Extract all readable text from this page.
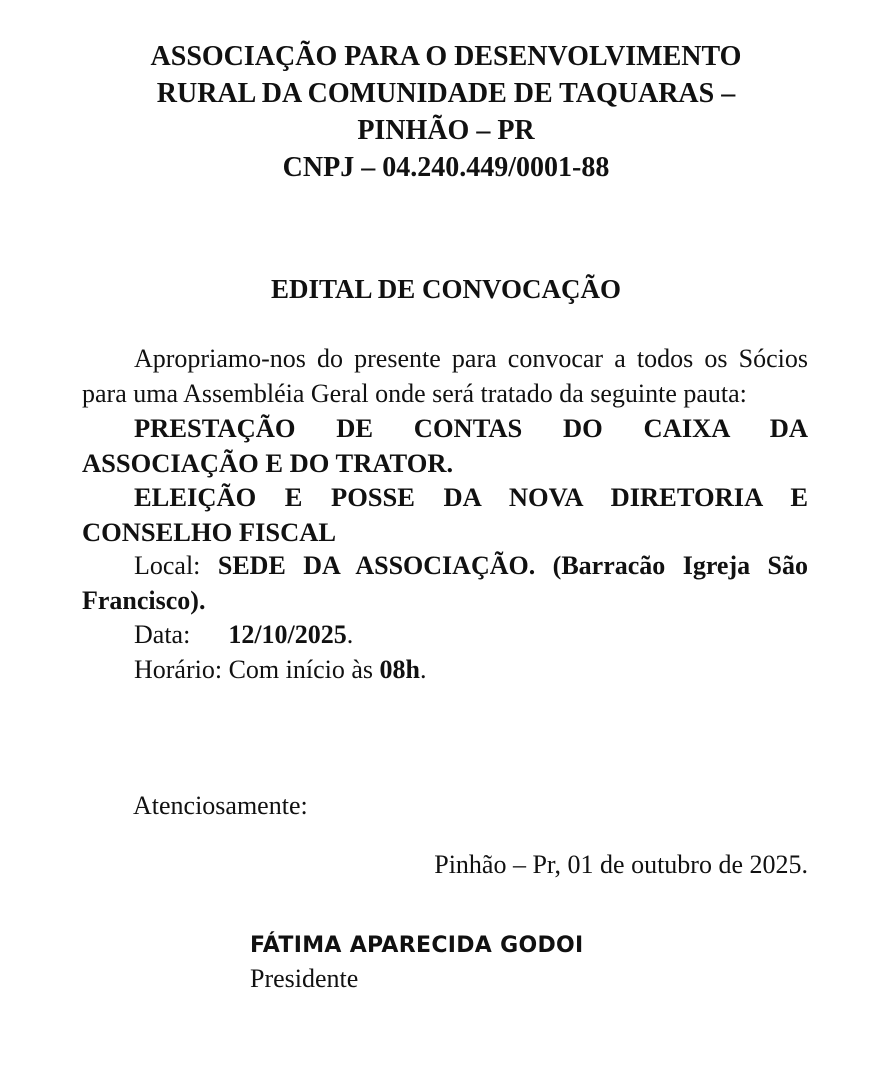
ASSOCIAÇÃO PARA O DESENVOLVIMENTO
RURAL DA COMUNIDADE DE TAQUARAS –
PINHÃO – PR
CNPJ – 04.240.449/0001-88
EDITAL DE CONVOCAÇÃO
Apropriamo-nos do presente para convocar a todos os Sócios para uma Assembléia Geral onde será tratado da seguinte pauta:
PRESTAÇÃO DE CONTAS DO CAIXA DA ASSOCIAÇÃO E DO TRATOR.
ELEIÇÃO E POSSE DA NOVA DIRETORIA E CONSELHO FISCAL
Local: SEDE DA ASSOCIAÇÃO. (Barracão Igreja São Francisco).
Data: 12/10/2025.
Horário: Com início às 08h.
Atenciosamente:
Pinhão – Pr, 01 de outubro de 2025.
FÁTIMA APARECIDA GODOI
Presidente
